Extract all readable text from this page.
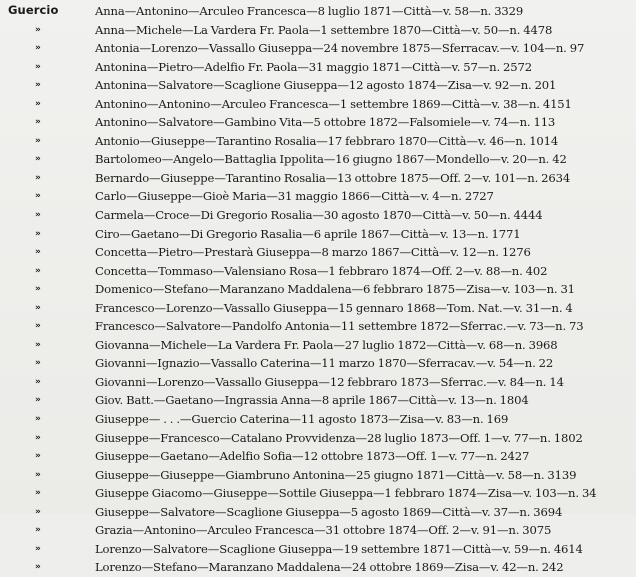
Guercio	Anna—Antonino—Arculeo Francesca—8 luglio 1871—Città—v. 58—n. 3329
»	Anna—Michele—La Vardera Fr. Paola—1 settembre 1870—Città—v. 50—n. 4478
»	Antonia—Lorenzo—Vassallo Giuseppa—24 novembre 1875—Sferracav.—v. 104—n. 97
»	Antonina—Pietro—Adelfio Fr. Paola—31 maggio 1871—Città—v. 57—n. 2572
»	Antonina—Salvatore—Scaglione Giuseppa—12 agosto 1874—Zisa—v. 92—n. 201
»	Antonino—Antonino—Arculeo Francesca—1 settembre 1869—Città—v. 38—n. 4151
»	Antonino—Salvatore—Gambino Vita—5 ottobre 1872—Falsomiele—v. 74—n. 113
»	Antonio—Giuseppe—Tarantino Rosalia—17 febbraro 1870—Città—v. 46—n. 1014
»	Bartolomeo—Angelo—Battaglia Ippolita—16 giugno 1867—Mondello—v. 20—n. 42
»	Bernardo—Giuseppe—Tarantino Rosalia—13 ottobre 1875—Off. 2—v. 101—n. 2634
»	Carlo—Giuseppe—Gioè Maria—31 maggio 1866—Città—v. 4—n. 2727
»	Carmela—Croce—Di Gregorio Rosalia—30 agosto 1870—Città—v. 50—n. 4444
»	Ciro—Gaetano—Di Gregorio Rasalia—6 aprile 1867—Città—v. 13—n. 1771
»	Concetta—Pietro—Prestarà Giuseppa—8 marzo 1867—Città—v. 12—n. 1276
»	Concetta—Tommaso—Valensiano Rosa—1 febbraro 1874—Off. 2—v. 88—n. 402
»	Domenico—Stefano—Maranzano Maddalena—6 febbraro 1875—Zisa—v. 103—n. 31
»	Francesco—Lorenzo—Vassallo Giuseppa—15 gennaro 1868—Tom. Nat.—v. 31—n. 4
»	Francesco—Salvatore—Pandolfo Antonia—11 settembre 1872—Sferrac.—v. 73—n. 73
»	Giovanna—Michele—La Vardera Fr. Paola—27 luglio 1872—Città—v. 68—n. 3968
»	Giovanni—Ignazio—Vassallo Caterina—11 marzo 1870—Sferracav.—v. 54—n. 22
»	Giovanni—Lorenzo—Vassallo Giuseppa—12 febbraro 1873—Sferrac.—v. 84—n. 14
»	Giov. Batt.—Gaetano—Ingrassia Anna—8 aprile 1867—Città—v. 13—n. 1804
»	Giuseppe— . . .—Guercio Caterina—11 agosto 1873—Zisa—v. 83—n. 169
»	Giuseppe—Francesco—Catalano Provvidenza—28 luglio 1873—Off. 1—v. 77—n. 1802
»	Giuseppe—Gaetano—Adelfio Sofia—12 ottobre 1873—Off. 1—v. 77—n. 2427
»	Giuseppe—Giuseppe—Giambruno Antonina—25 giugno 1871—Città—v. 58—n. 3139
»	Giuseppe Giacomo—Giuseppe—Sottile Giuseppa—1 febbraro 1874—Zisa—v. 103—n. 34
»	Giuseppe—Salvatore—Scaglione Giuseppa—5 agosto 1869—Città—v. 37—n. 3694
»	Grazia—Antonino—Arculeo Francesca—31 ottobre 1874—Off. 2—v. 91—n. 3075
»	Lorenzo—Salvatore—Scaglione Giuseppa—19 settembre 1871—Città—v. 59—n. 4614
»	Lorenzo—Stefano—Maranzano Maddalena—24 ottobre 1869—Zisa—v. 42—n. 242
